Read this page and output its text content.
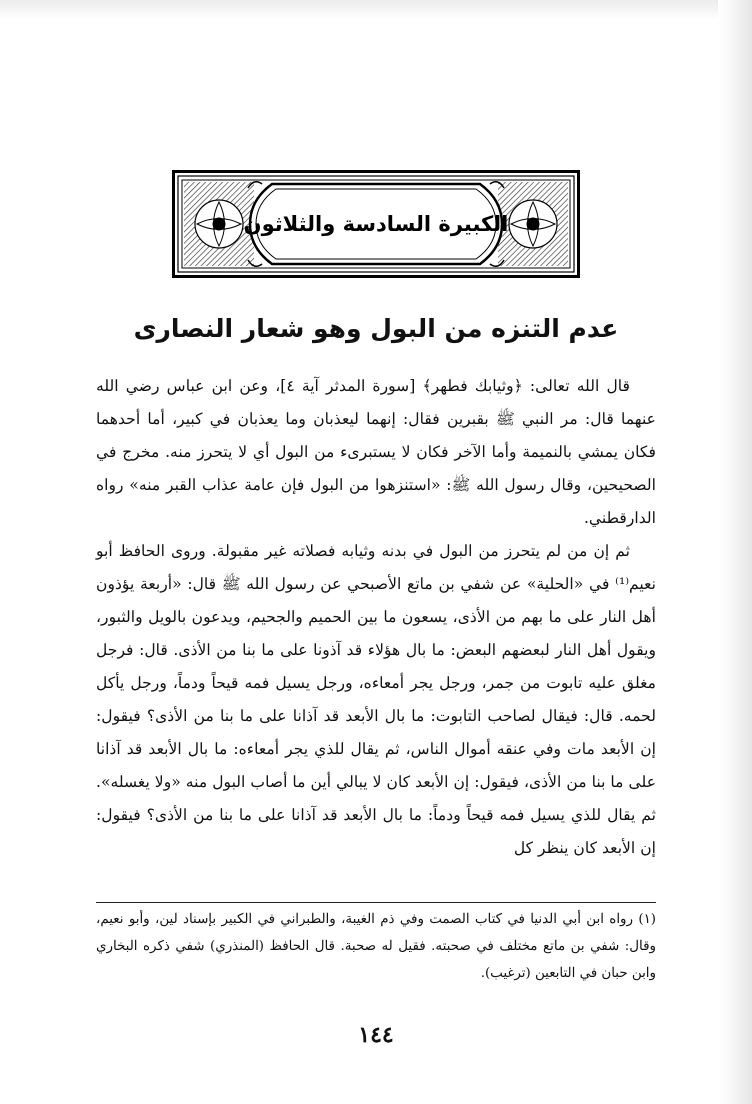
الكبيرة السادسة والثلاثون
عدم التنزه من البول وهو شعار النصارى

قال الله تعالى: ﴿وثيابك فطهر﴾ [سورة المدثر آية ٤]، وعن ابن عباس رضي الله عنهما قال: مر النبي ﷺ بقبرين فقال: إنهما ليعذبان وما يعذبان في كبير، أما أحدهما فكان يمشي بالنميمة وأما الآخر فكان لا يستبرىء من البول أي لا يتحرز منه. مخرج في الصحيحين، وقال رسول الله ﷺ: «استنزهوا من البول فإن عامة عذاب القبر منه» رواه الدارقطني.

ثم إن من لم يتحرز من البول في بدنه وثيابه فصلاته غير مقبولة. وروى الحافظ أبو نعيم⁽¹⁾ في «الحلية» عن شفي بن ماتع الأصبحي عن رسول الله ﷺ قال: «أربعة يؤذون أهل النار على ما بهم من الأذى، يسعون ما بين الحميم والجحيم، ويدعون بالويل والثبور، ويقول أهل النار لبعضهم البعض: ما بال هؤلاء قد آذونا على ما بنا من الأذى. قال: فرجل مغلق عليه تابوت من جمر، ورجل يجر أمعاءه، ورجل يسيل فمه قيحاً ودماً، ورجل يأكل لحمه. قال: فيقال لصاحب التابوت: ما بال الأبعد قد آذانا على ما بنا من الأذى؟ فيقول: إن الأبعد مات وفي عنقه أموال الناس، ثم يقال للذي يجر أمعاءه: ما بال الأبعد قد آذانا على ما بنا من الأذى، فيقول: إن الأبعد كان لا يبالي أين ما أصاب البول منه «ولا يغسله». ثم يقال للذي يسيل فمه قيحاً ودماً: ما بال الأبعد قد آذانا على ما بنا من الأذى؟ فيقول: إن الأبعد كان ينظر كل

(١) رواه ابن أبي الدنيا في كتاب الصمت وفي ذم الغيبة، والطبراني في الكبير بإسناد لين، وأبو نعيم، وقال: شفي بن ماتع مختلف في صحبته. فقيل له صحبة. قال الحافظ (المنذري) شفي ذكره البخاري وابن حبان في التابعين (ترغيب).

١٤٤
